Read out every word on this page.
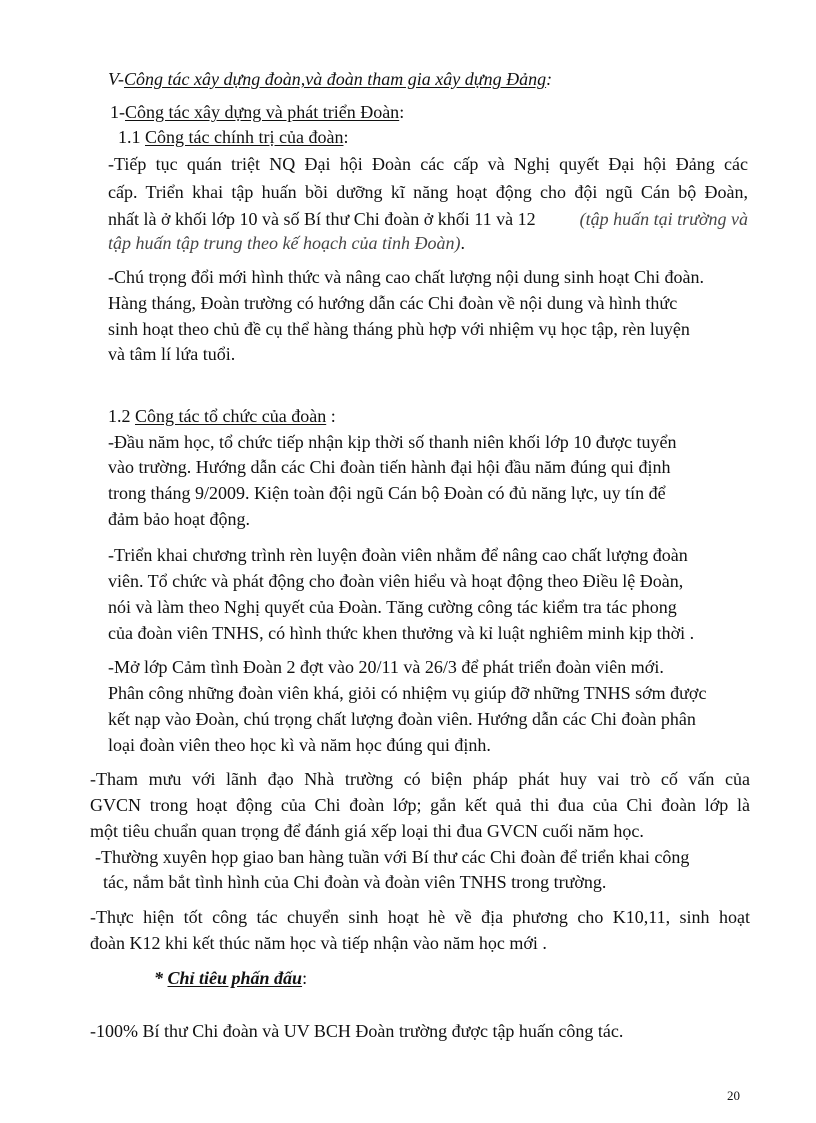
V-Công tác xây dựng đoàn,và đoàn tham gia xây dựng Đảng:
1-Công tác xây dựng và phát triển Đoàn:
1.1 Công tác chính trị của đoàn:
-Tiếp tục quán triệt NQ Đại hội Đoàn các cấp và Nghị quyết Đại hội Đảng các
cấp. Triển khai tập huấn bồi dưỡng kĩ năng hoạt động cho đội ngũ Cán bộ Đoàn,
nhất là ở khối lớp 10 và số Bí thư Chi đoàn ở khối 11 và 12 (tập huấn tại trường và
tập huấn tập trung theo kế hoạch của tỉnh Đoàn).
-Chú trọng đổi mới hình thức và nâng cao chất lượng nội dung sinh hoạt Chi đoàn.
Hàng tháng, Đoàn trường có hướng dẫn các Chi đoàn về nội dung và hình thức
sinh hoạt theo chủ đề cụ thể hàng tháng phù hợp với nhiệm vụ học tập, rèn luyện
và tâm lí lứa tuổi.
1.2 Công tác tổ chức của đoàn :
-Đầu năm học, tổ chức tiếp nhận kịp thời số thanh niên khối lớp 10 được tuyển
vào trường. Hướng dẫn các Chi đoàn tiến hành đại hội đầu năm đúng qui định
trong tháng 9/2009. Kiện toàn đội ngũ Cán bộ Đoàn có đủ năng lực, uy tín để
đảm bảo hoạt động.
-Triển khai chương trình rèn luyện đoàn viên nhằm để nâng cao chất lượng đoàn
viên. Tổ chức và phát động cho đoàn viên hiểu và hoạt động theo Điều lệ Đoàn,
nói và làm theo Nghị quyết của Đoàn. Tăng cường công tác kiểm tra tác phong
của đoàn viên TNHS, có hình thức khen thưởng và kỉ luật nghiêm minh kịp thời .
-Mở lớp Cảm tình Đoàn 2 đợt vào 20/11 và 26/3 để phát triển đoàn viên mới.
Phân công những đoàn viên khá, giỏi có nhiệm vụ giúp đỡ những TNHS sớm được
kết nạp vào Đoàn, chú trọng chất lượng đoàn viên. Hướng dẫn các Chi đoàn phân
loại đoàn viên theo học kì và năm học đúng qui định.
-Tham mưu với lãnh đạo Nhà trường có biện pháp phát huy vai trò cố vấn của
GVCN trong hoạt động của Chi đoàn lớp; gắn kết quả thi đua của Chi đoàn lớp là
một tiêu chuẩn quan trọng để đánh giá xếp loại thi đua GVCN cuối năm học.
-Thường xuyên họp giao ban hàng tuần với Bí thư các Chi đoàn để triển khai công
tác, nắm bắt tình hình của Chi đoàn và đoàn viên TNHS trong trường.
-Thực hiện tốt công tác chuyển sinh hoạt hè về địa phương cho K10,11, sinh hoạt
đoàn K12 khi kết thúc năm học và tiếp nhận vào năm học mới .
* Chỉ tiêu phấn đấu:
-100% Bí thư Chi đoàn và UV BCH Đoàn trường được tập huấn công tác.
20
